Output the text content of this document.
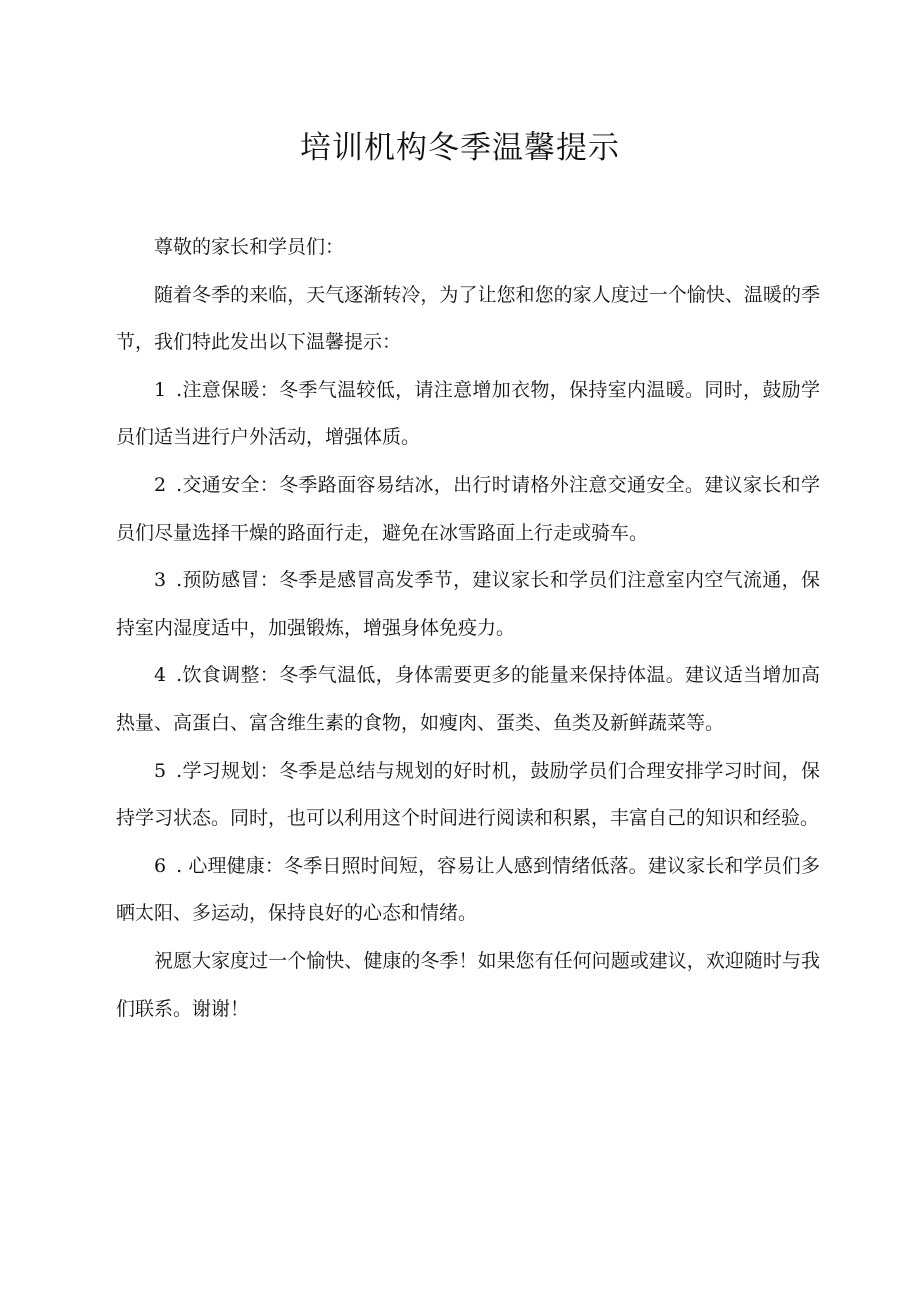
培训机构冬季温馨提示

尊敬的家长和学员们：

随着冬季的来临，天气逐渐转冷，为了让您和您的家人度过一个愉快、温暖的季节，我们特此发出以下温馨提示：

1 .注意保暖：冬季气温较低，请注意增加衣物，保持室内温暖。同时，鼓励学员们适当进行户外活动，增强体质。

2 .交通安全：冬季路面容易结冰，出行时请格外注意交通安全。建议家长和学员们尽量选择干燥的路面行走，避免在冰雪路面上行走或骑车。

3 .预防感冒：冬季是感冒高发季节，建议家长和学员们注意室内空气流通，保持室内湿度适中，加强锻炼，增强身体免疫力。

4 .饮食调整：冬季气温低，身体需要更多的能量来保持体温。建议适当增加高热量、高蛋白、富含维生素的食物，如瘦肉、蛋类、鱼类及新鲜蔬菜等。

5 .学习规划：冬季是总结与规划的好时机，鼓励学员们合理安排学习时间，保持学习状态。同时，也可以利用这个时间进行阅读和积累，丰富自己的知识和经验。

6 . 心理健康：冬季日照时间短，容易让人感到情绪低落。建议家长和学员们多晒太阳、多运动，保持良好的心态和情绪。

祝愿大家度过一个愉快、健康的冬季！如果您有任何问题或建议，欢迎随时与我们联系。谢谢！
